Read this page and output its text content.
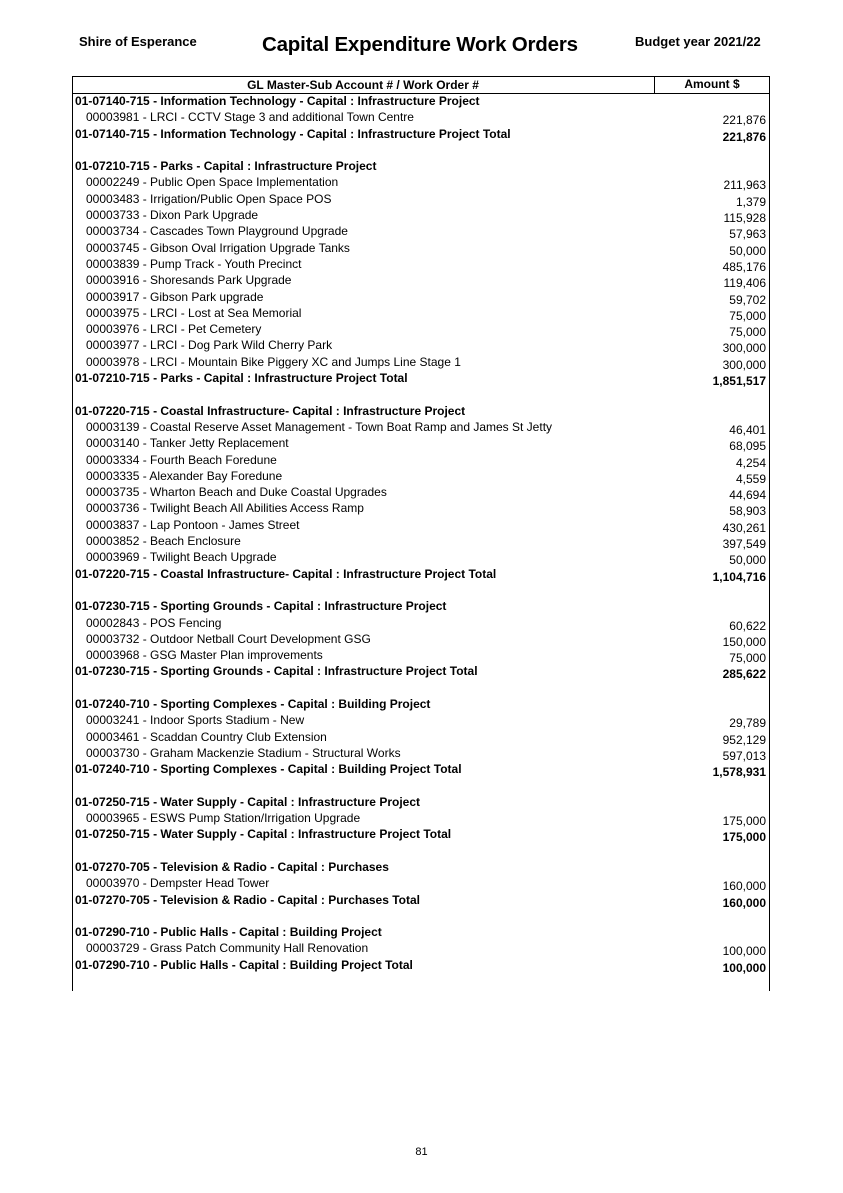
Shire of Esperance	Capital Expenditure Work Orders	Budget year 2021/22
GL Master-Sub Account # / Work Order #	Amount $
01-07140-715 - Information Technology - Capital : Infrastructure Project
00003981 - LRCI - CCTV Stage 3 and additional Town Centre	221,876
01-07140-715 - Information Technology - Capital : Infrastructure Project Total	221,876
01-07210-715 - Parks - Capital : Infrastructure Project
00002249 - Public Open Space Implementation	211,963
00003483 - Irrigation/Public Open Space POS	1,379
00003733 - Dixon Park Upgrade	115,928
00003734 - Cascades Town Playground Upgrade	57,963
00003745 - Gibson Oval Irrigation Upgrade Tanks	50,000
00003839 - Pump Track - Youth Precinct	485,176
00003916 - Shoresands Park Upgrade	119,406
00003917 - Gibson Park upgrade	59,702
00003975 - LRCI - Lost at Sea Memorial	75,000
00003976 - LRCI - Pet Cemetery	75,000
00003977 - LRCI - Dog Park Wild Cherry Park	300,000
00003978 - LRCI - Mountain Bike Piggery XC and Jumps Line Stage 1	300,000
01-07210-715 - Parks - Capital : Infrastructure Project Total	1,851,517
01-07220-715 - Coastal Infrastructure- Capital : Infrastructure Project
00003139 - Coastal Reserve Asset Management - Town Boat Ramp and James St Jetty	46,401
00003140 - Tanker Jetty Replacement	68,095
00003334 - Fourth Beach Foredune	4,254
00003335 - Alexander Bay Foredune	4,559
00003735 - Wharton Beach and Duke Coastal Upgrades	44,694
00003736 - Twilight Beach All Abilities Access Ramp	58,903
00003837 - Lap Pontoon - James Street	430,261
00003852 - Beach Enclosure	397,549
00003969 - Twilight Beach Upgrade	50,000
01-07220-715 - Coastal Infrastructure- Capital : Infrastructure Project Total	1,104,716
01-07230-715 - Sporting Grounds - Capital : Infrastructure Project
00002843 - POS Fencing	60,622
00003732 - Outdoor Netball Court Development GSG	150,000
00003968 - GSG Master Plan improvements	75,000
01-07230-715 - Sporting Grounds - Capital : Infrastructure Project Total	285,622
01-07240-710 - Sporting Complexes - Capital : Building Project
00003241 - Indoor Sports Stadium - New	29,789
00003461 - Scaddan Country Club Extension	952,129
00003730 - Graham Mackenzie Stadium - Structural Works	597,013
01-07240-710 - Sporting Complexes - Capital : Building Project Total	1,578,931
01-07250-715 - Water Supply - Capital : Infrastructure Project
00003965 - ESWS Pump Station/Irrigation Upgrade	175,000
01-07250-715 - Water Supply - Capital : Infrastructure Project Total	175,000
01-07270-705 - Television & Radio - Capital : Purchases
00003970 - Dempster Head Tower	160,000
01-07270-705 - Television & Radio - Capital : Purchases Total	160,000
01-07290-710 - Public Halls - Capital : Building Project
00003729 - Grass Patch Community Hall Renovation	100,000
01-07290-710 - Public Halls - Capital : Building Project Total	100,000
81
